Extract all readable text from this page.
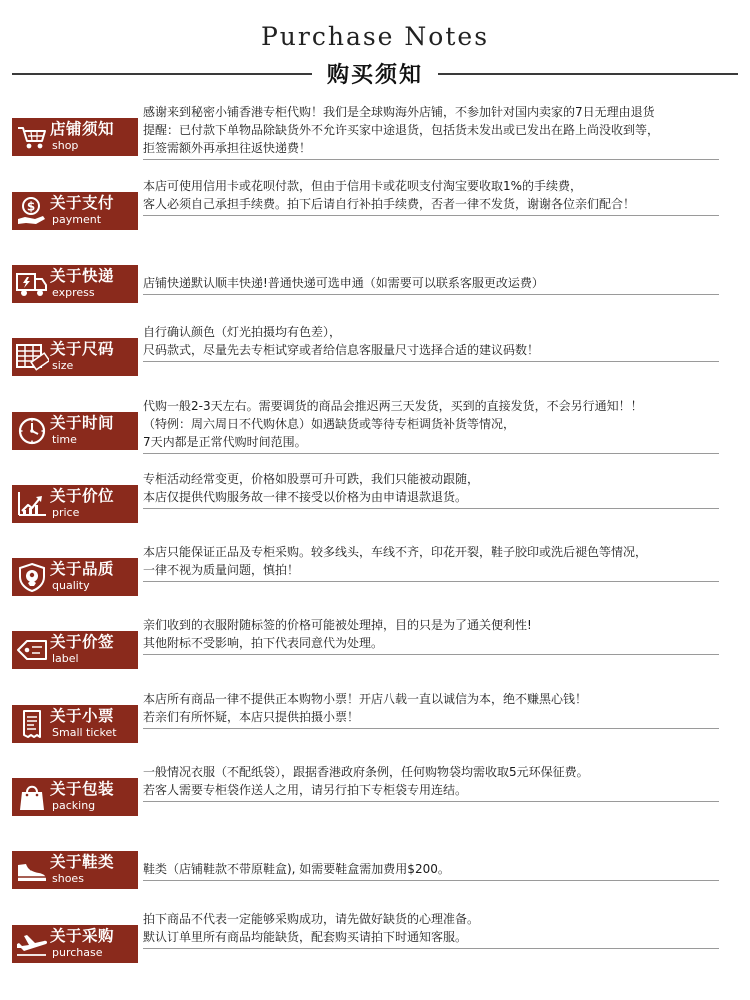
Purchase Notes
购买须知
店铺须知
shop
感谢来到秘密小铺香港专柜代购！我们是全球购海外店铺，不参加针对国内卖家的7日无理由退货
提醒：已付款下单物品除缺货外不允许买家中途退货，包括货未发出或已发出在路上尚没收到等，
拒签需额外再承担往返快递费！
$ 关于支付
payment
本店可使用信用卡或花呗付款，但由于信用卡或花呗支付淘宝要收取1%的手续费，
客人必须自己承担手续费。拍下后请自行补拍手续费，否者一律不发货，谢谢各位亲们配合！
关于快递
express
店铺快递默认顺丰快递!普通快递可选申通（如需要可以联系客服更改运费）
关于尺码
size
自行确认颜色（灯光拍摄均有色差），
尺码款式，尽量先去专柜试穿或者给信息客服量尺寸选择合适的建议码数！
关于时间
time
代购一般2-3天左右。需要调货的商品会推迟两三天发货，买到的直接发货，不会另行通知！！
（特例：周六周日不代购休息）如遇缺货或等待专柜调货补货等情况，
7天内都是正常代购时间范围。
关于价位
price
专柜活动经常变更，价格如股票可升可跌，我们只能被动跟随，
本店仅提供代购服务故一律不接受以价格为由申请退款退货。
关于品质
quality
本店只能保证正品及专柜采购。较多线头，车线不齐，印花开裂，鞋子胶印或洗后褪色等情况，
一律不视为质量问题，慎拍！
关于价签
label
亲们收到的衣服附随标签的价格可能被处理掉，目的只是为了通关便利性!
其他附标不受影响，拍下代表同意代为处理。
关于小票
Small ticket
本店所有商品一律不提供正本购物小票！开店八载一直以诚信为本，绝不赚黑心钱！
若亲们有所怀疑，本店只提供拍摄小票！
关于包装
packing
一般情况衣服（不配纸袋），跟据香港政府条例，任何购物袋均需收取5元环保征费。
若客人需要专柜袋作送人之用，请另行拍下专柜袋专用连结。
关于鞋类
shoes
鞋类（店铺鞋款不带原鞋盒), 如需要鞋盒需加费用$200。
关于采购
purchase
拍下商品不代表一定能够采购成功，请先做好缺货的心理准备。
默认订单里所有商品均能缺货，配套购买请拍下时通知客服。
